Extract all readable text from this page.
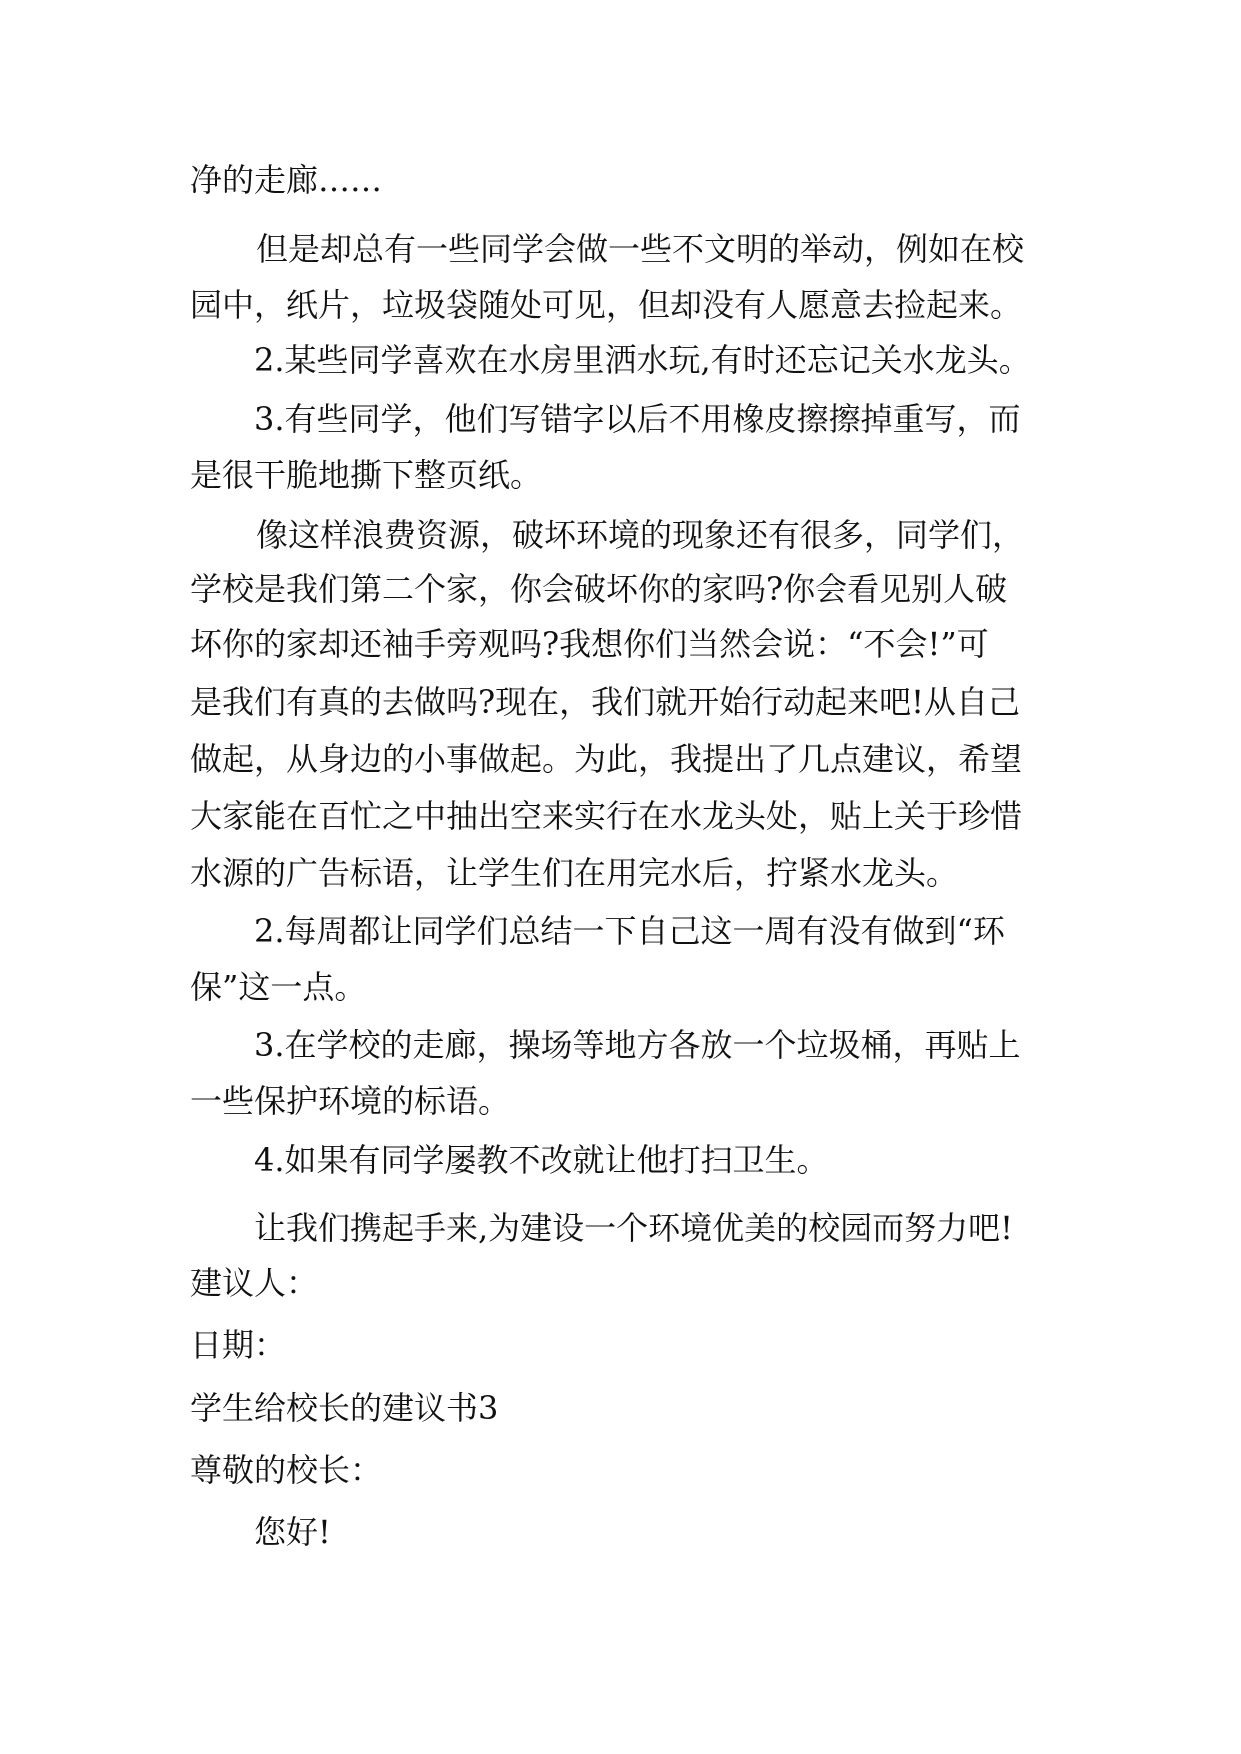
净的走廊……
但是却总有一些同学会做一些不文明的举动，例如在校
园中，纸片，垃圾袋随处可见，但却没有人愿意去捡起来。
2.某些同学喜欢在水房里洒水玩,有时还忘记关水龙头。
3.有些同学，他们写错字以后不用橡皮擦擦掉重写，而
是很干脆地撕下整页纸。
像这样浪费资源，破坏环境的现象还有很多，同学们，
学校是我们第二个家，你会破坏你的家吗?你会看见别人破
坏你的家却还袖手旁观吗?我想你们当然会说：“不会!”可
是我们有真的去做吗?现在，我们就开始行动起来吧!从自己
做起，从身边的小事做起。为此，我提出了几点建议，希望
大家能在百忙之中抽出空来实行在水龙头处，贴上关于珍惜
水源的广告标语，让学生们在用完水后，拧紧水龙头。
2.每周都让同学们总结一下自己这一周有没有做到“环
保”这一点。
3.在学校的走廊，操场等地方各放一个垃圾桶，再贴上
一些保护环境的标语。
4.如果有同学屡教不改就让他打扫卫生。
让我们携起手来,为建设一个环境优美的校园而努力吧!
建议人：
日期：
学生给校长的建议书3
尊敬的校长：
您好!
